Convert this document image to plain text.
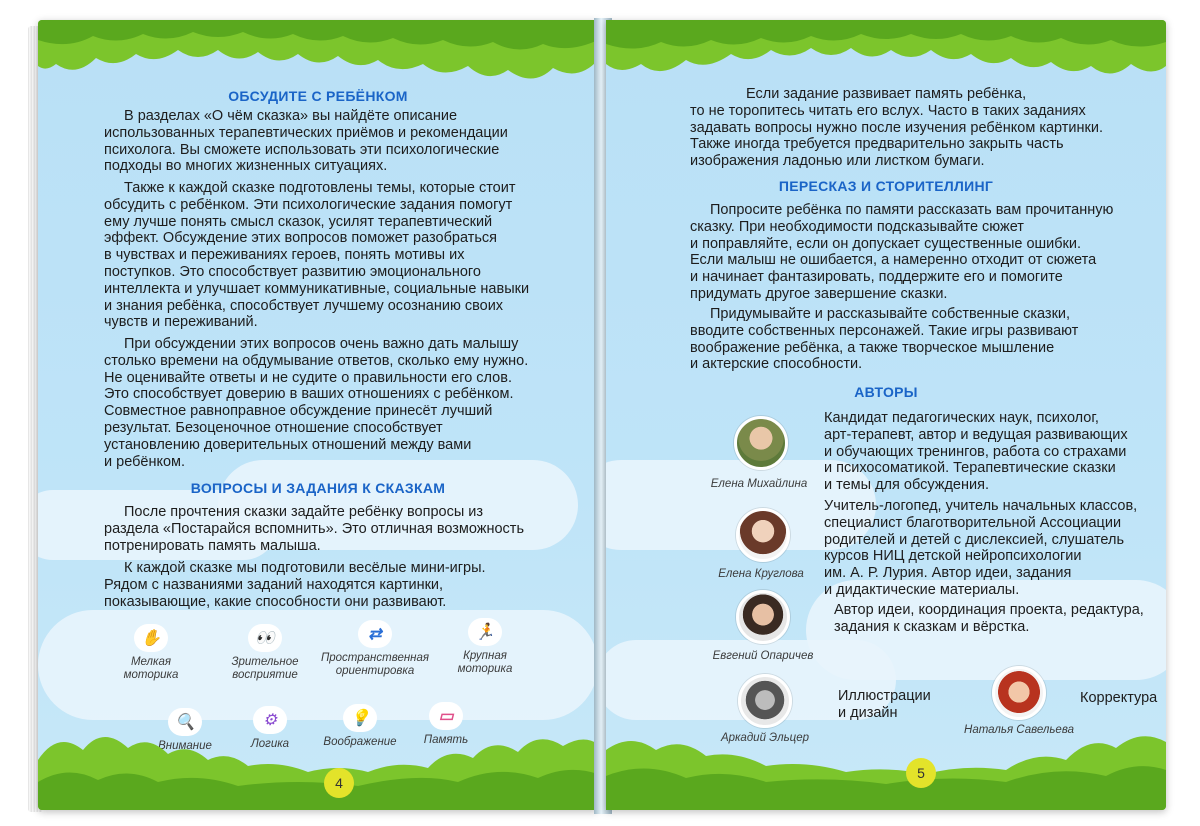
ОБСУДИТЕ С РЕБЁНКОМ

В разделах «О чём сказка» вы найдёте описание

использованных терапевтических приёмов и рекомендации

психолога. Вы сможете использовать эти психологические

подходы во многих жизненных ситуациях.

Также к каждой сказке подготовлены темы, которые стоит

обсудить с ребёнком. Эти психологические задания помогут

ему лучше понять смысл сказок, усилят терапевтический

эффект. Обсуждение этих вопросов поможет разобраться

в чувствах и переживаниях героев, понять мотивы их

поступков. Это способствует развитию эмоционального

интеллекта и улучшает коммуникативные, социальные навыки

и знания ребёнка, способствует лучшему осознанию своих

чувств и переживаний.

При обсуждении этих вопросов очень важно дать малышу

столько времени на обдумывание ответов, сколько ему нужно.

Не оценивайте ответы и не судите о правильности его слов.

Это способствует доверию в ваших отношениях с ребёнком.

Совместное равноправное обсуждение принесёт лучший

результат. Безоценочное отношение способствует

установлению доверительных отношений между вами

и ребёнком.

ВОПРОСЫ И ЗАДАНИЯ К СКАЗКАМ

После прочтения сказки задайте ребёнку вопросы из

раздела «Постарайся вспомнить». Это отличная возможность

потренировать память малыша.

К каждой сказке мы подготовили весёлые мини-игры.

Рядом с названиями заданий находятся картинки,

показывающие, какие способности они развивают.

✋
Мелкая
моторика
👀
Зрительное
восприятие
⇄
Пространственная
ориентировка
🏃
Крупная
моторика
🔍
Внимание
⚙
Логика
💡
Воображение
▭
Память
4

Если задание развивает память ребёнка,

то не торопитесь читать его вслух. Часто в таких заданиях

задавать вопросы нужно после изучения ребёнком картинки.

Также иногда требуется предварительно закрыть часть

изображения ладонью или листком бумаги.

ПЕРЕСКАЗ И СТОРИТЕЛЛИНГ

Попросите ребёнка по памяти рассказать вам прочитанную

сказку. При необходимости подсказывайте сюжет

и поправляйте, если он допускает существенные ошибки.

Если малыш не ошибается, а намеренно отходит от сюжета

и начинает фантазировать, поддержите его и помогите

придумать другое завершение сказки.

Придумывайте и рассказывайте собственные сказки,

вводите собственных персонажей. Такие игры развивают

воображение ребёнка, а также творческое мышление

и актерские способности.

АВТОРЫ
Елена Михайлина

Кандидат педагогических наук, психолог,

арт-терапевт, автор и ведущая развивающих

и обучающих тренингов, работа со страхами

и психосоматикой. Терапевтические сказки

и темы для обсуждения.

Елена Круглова

Учитель-логопед, учитель начальных классов,

специалист благотворительной Ассоциации

родителей и детей с дислексией, слушатель

курсов НИЦ детской нейропсихологии

им. А. Р. Лурия. Автор идеи, задания

и дидактические материалы.

Евгений Опаричев

Автор идеи, координация проекта, редактура,

задания к сказкам и вёрстка.

Аркадий Эльцер
Иллюстрации
и дизайн
Наталья Савельева
Корректура
5
